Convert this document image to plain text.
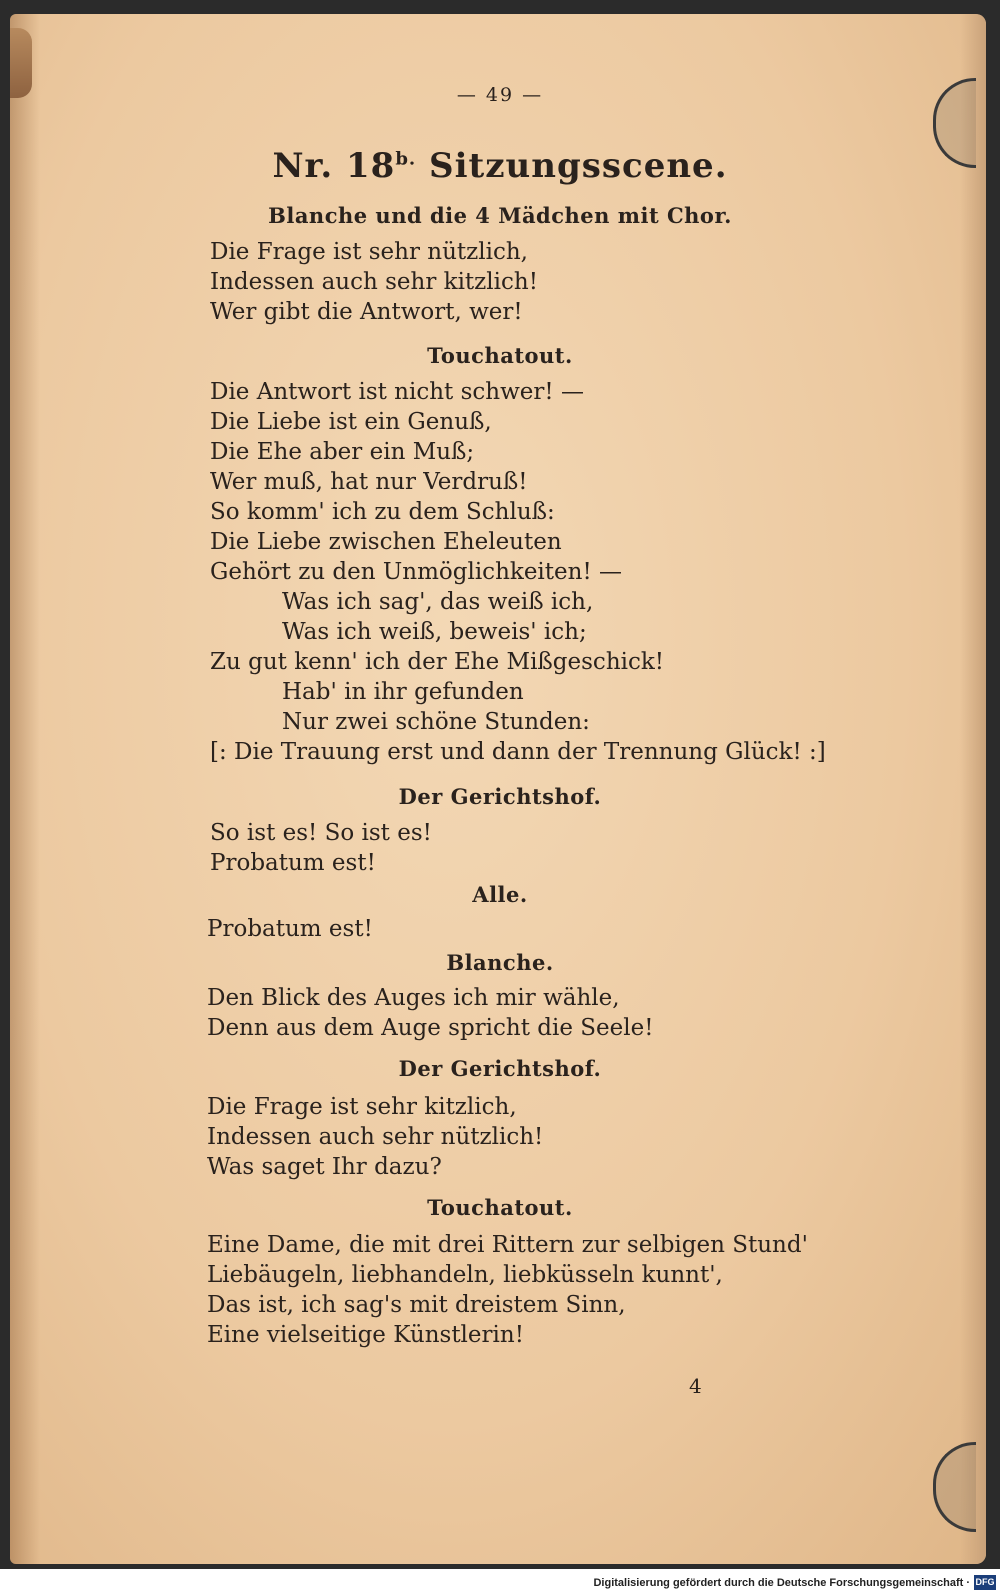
— 49 —
Nr. $18^{b.}$ Sitzungsscene.
Blanche und die 4 Mädchen mit Chor.
Die Frage ist sehr nützlich,
Indessen auch sehr kitzlich!
Wer gibt die Antwort, wer!
Touchatout.
Die Antwort ist nicht schwer! —
Die Liebe ist ein Genuß,
Die Ehe aber ein Muß;
Wer muß, hat nur Verdruß!
So komm' ich zu dem Schluß:
Die Liebe zwischen Eheleuten
Gehört zu den Unmöglichkeiten! —
Was ich sag', das weiß ich,
Was ich weiß, beweis' ich;
Zu gut kenn' ich der Ehe Mißgeschick!
Hab' in ihr gefunden
Nur zwei schöne Stunden:
[: Die Trauung erst und dann der Trennung Glück! :]
Der Gerichtshof.
So ist es! So ist es!
Probatum est!
Alle.
Probatum est!
Blanche.
Den Blick des Auges ich mir wähle,
Denn aus dem Auge spricht die Seele!
Der Gerichtshof.
Die Frage ist sehr kitzlich,
Indessen auch sehr nützlich!
Was saget Ihr dazu?
Touchatout.
Eine Dame, die mit drei Rittern zur selbigen Stund'
Liebäugeln, liebhandeln, liebküsseln kunnt',
Das ist, ich sag's mit dreistem Sinn,
Eine vielseitige Künstlerin!
4
Digitalisierung gefördert durch die Deutsche Forschungsgemeinschaft · DFG
